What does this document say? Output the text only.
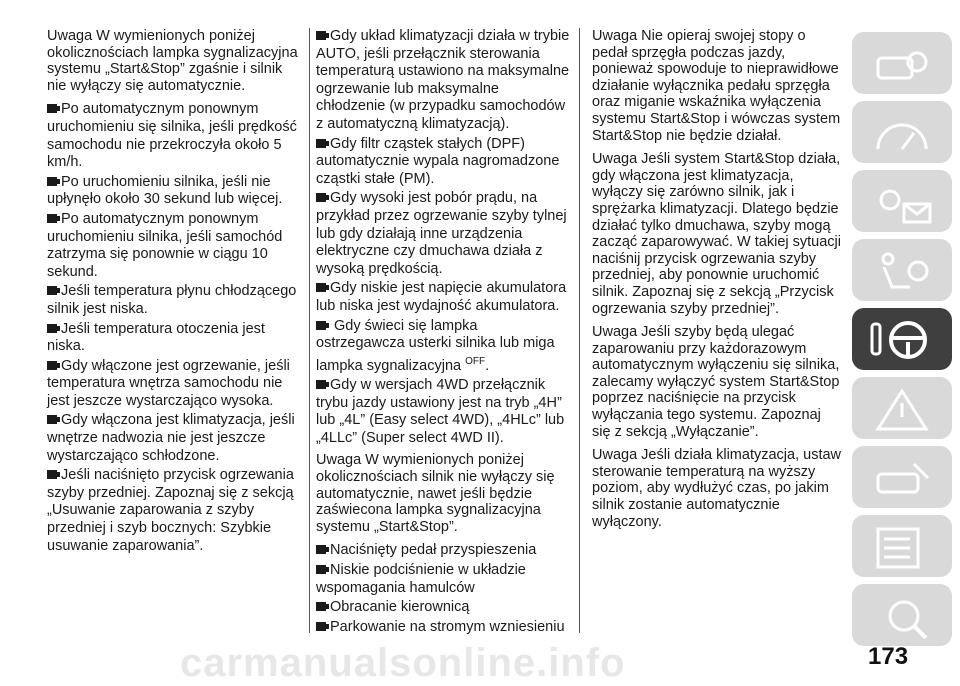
Uwaga W wymienionych poniżej okolicznościach lampka sygnalizacyjna systemu „Start&Stop” zgaśnie i silnik nie wyłączy się automatycznie.

Po automatycznym ponownym uruchomieniu się silnika, jeśli prędkość samochodu nie przekroczyła około 5 km/h.
Po uruchomieniu silnika, jeśli nie upłynęło około 30 sekund lub więcej.
Po automatycznym ponownym uruchomieniu silnika, jeśli samochód zatrzyma się ponownie w ciągu 10 sekund.
Jeśli temperatura płynu chłodzącego silnik jest niska.
Jeśli temperatura otoczenia jest niska.
Gdy włączone jest ogrzewanie, jeśli temperatura wnętrza samochodu nie jest jeszcze wystarczająco wysoka.
Gdy włączona jest klimatyzacja, jeśli wnętrze nadwozia nie jest jeszcze wystarczająco schłodzone.
Jeśli naciśnięto przycisk ogrzewania szyby przedniej. Zapoznaj się z sekcją „Usuwanie zaparowania z szyby przedniej i szyb bocznych: Szybkie usuwanie zaparowania”.
Gdy układ klimatyzacji działa w trybie AUTO, jeśli przełącznik sterowania temperaturą ustawiono na maksymalne ogrzewanie lub maksymalne chłodzenie (w przypadku samochodów z automatyczną klimatyzacją).
Gdy filtr cząstek stałych (DPF) automatycznie wypala nagromadzone cząstki stałe (PM).
Gdy wysoki jest pobór prądu, na przykład przez ogrzewanie szyby tylnej lub gdy działają inne urządzenia elektryczne czy dmuchawa działa z wysoką prędkością.
Gdy niskie jest napięcie akumulatora lub niska jest wydajność akumulatora.
Gdy świeci się lampka ostrzegawcza usterki silnika lub miga lampka sygnalizacyjna $^{OFF}$.
Gdy w wersjach 4WD przełącznik trybu jazdy ustawiony jest na tryb „4H” lub „4L” (Easy select 4WD), „4HLc” lub „4LLc” (Super select 4WD II).

Uwaga W wymienionych poniżej okolicznościach silnik nie wyłączy się automatycznie, nawet jeśli będzie zaświecona lampka sygnalizacyjna systemu „Start&Stop”.

Naciśnięty pedał przyspieszenia
Niskie podciśnienie w układzie wspomagania hamulców
Obracanie kierownicą
Parkowanie na stromym wzniesieniu

Uwaga Nie opieraj swojej stopy o pedał sprzęgła podczas jazdy, ponieważ spowoduje to nieprawidłowe działanie wyłącznika pedału sprzęgła oraz miganie wskaźnika wyłączenia systemu Start&Stop i wówczas system Start&Stop nie będzie działał.

Uwaga Jeśli system Start&Stop działa, gdy włączona jest klimatyzacja, wyłączy się zarówno silnik, jak i sprężarka klimatyzacji. Dlatego będzie działać tylko dmuchawa, szyby mogą zacząć zaparowywać. W takiej sytuacji naciśnij przycisk ogrzewania szyby przedniej, aby ponownie uruchomić silnik. Zapoznaj się z sekcją „Przycisk ogrzewania szyby przedniej”.

Uwaga Jeśli szyby będą ulegać zaparowaniu przy każdorazowym automatycznym wyłączeniu się silnika, zalecamy wyłączyć system Start&Stop poprzez naciśnięcie na przycisk wyłączania tego systemu. Zapoznaj się z sekcją „Wyłączanie”.

Uwaga Jeśli działa klimatyzacja, ustaw sterowanie temperaturą na wyższy poziom, aby wydłużyć czas, po jakim silnik zostanie automatycznie wyłączony.

173
carmanualsonline.info
